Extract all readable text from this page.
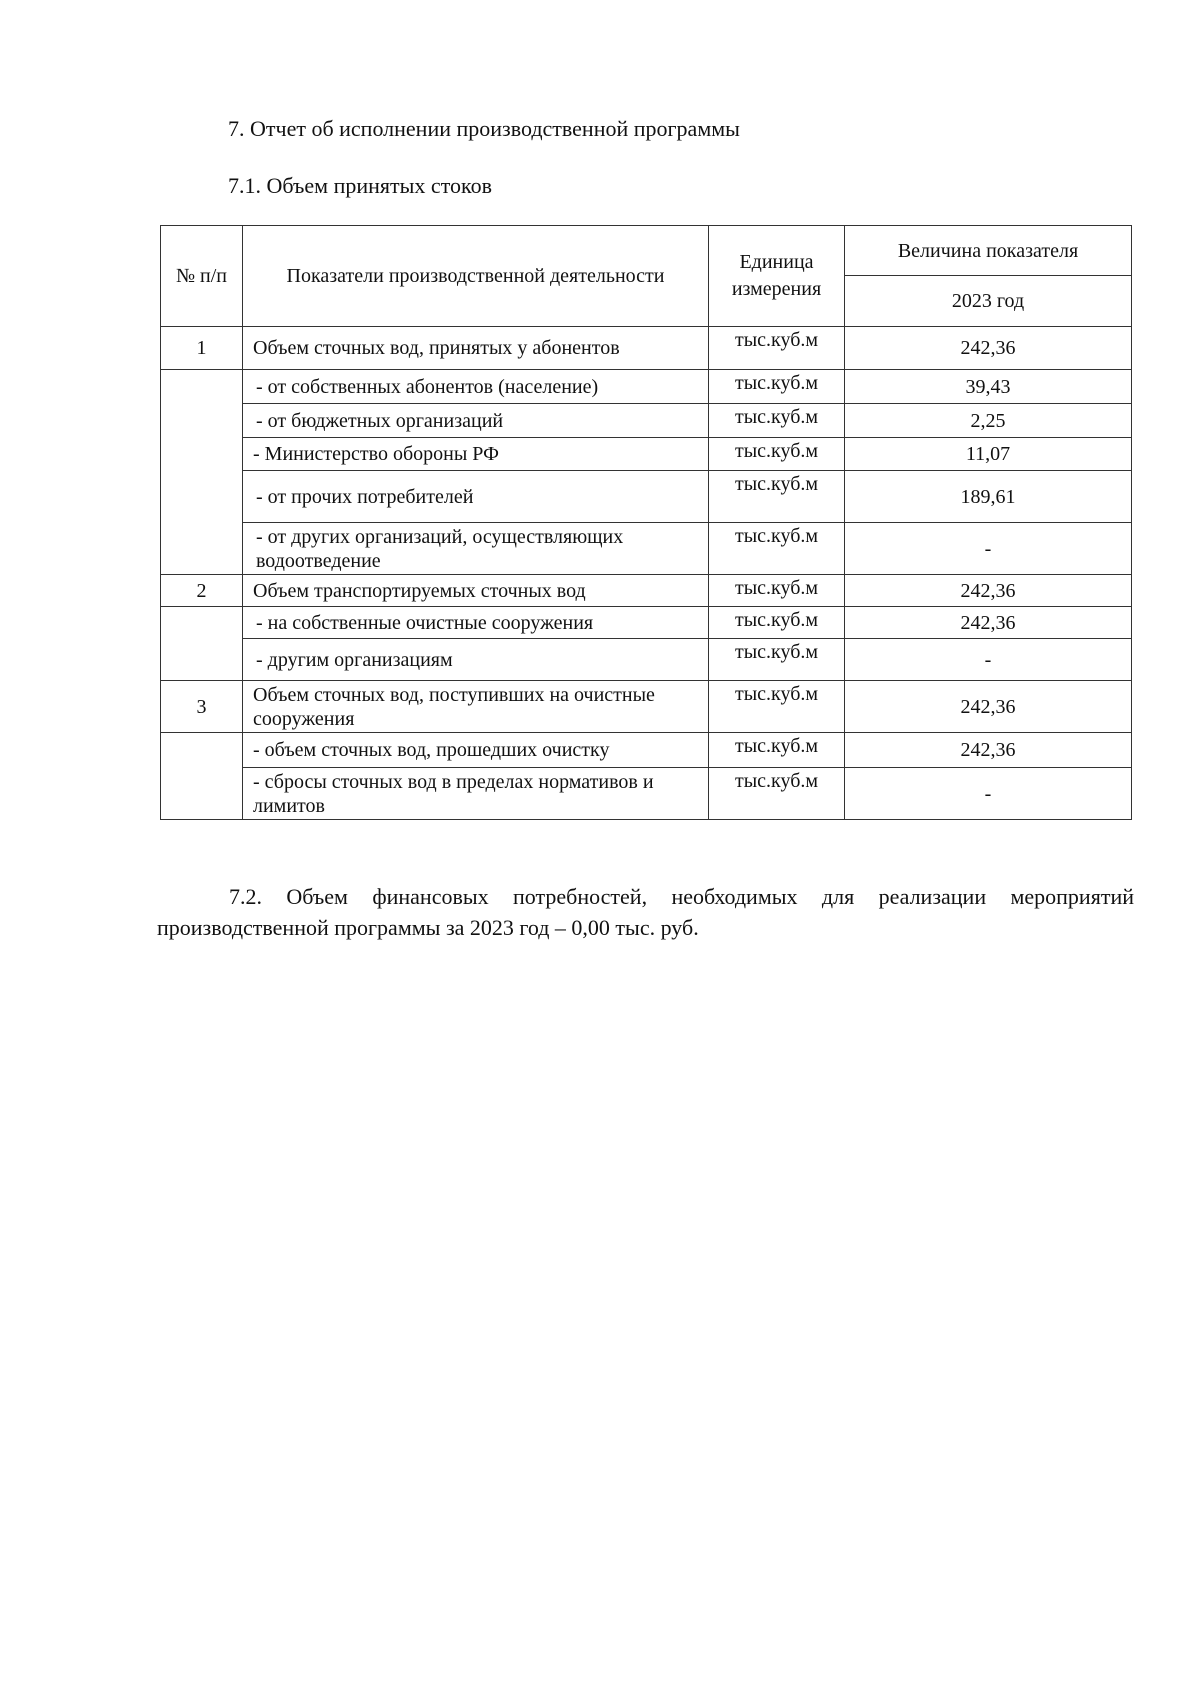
7. Отчет об исполнении производственной программы
7.1. Объем принятых стоков
№ п/п	Показатели производственной деятельности	Единица измерения	Величина показателя
			2023 год
1	Объем сточных вод, принятых у абонентов	тыс.куб.м	242,36
	- от собственных абонентов (население)	тыс.куб.м	39,43
	- от бюджетных организаций	тыс.куб.м	2,25
	- Министерство обороны РФ	тыс.куб.м	11,07
	- от прочих потребителей	тыс.куб.м	189,61
	- от других организаций, осуществляющих водоотведение	тыс.куб.м	-
2	Объем транспортируемых сточных вод	тыс.куб.м	242,36
	- на собственные очистные сооружения	тыс.куб.м	242,36
	- другим организациям	тыс.куб.м	-
3	Объем сточных вод, поступивших на очистные сооружения	тыс.куб.м	242,36
	- объем сточных вод, прошедших очистку	тыс.куб.м	242,36
	- сбросы сточных вод в пределах нормативов и лимитов	тыс.куб.м	-

7.2. Объем финансовых потребностей, необходимых для реализации мероприятий производственной программы за 2023 год – 0,00 тыс. руб.
